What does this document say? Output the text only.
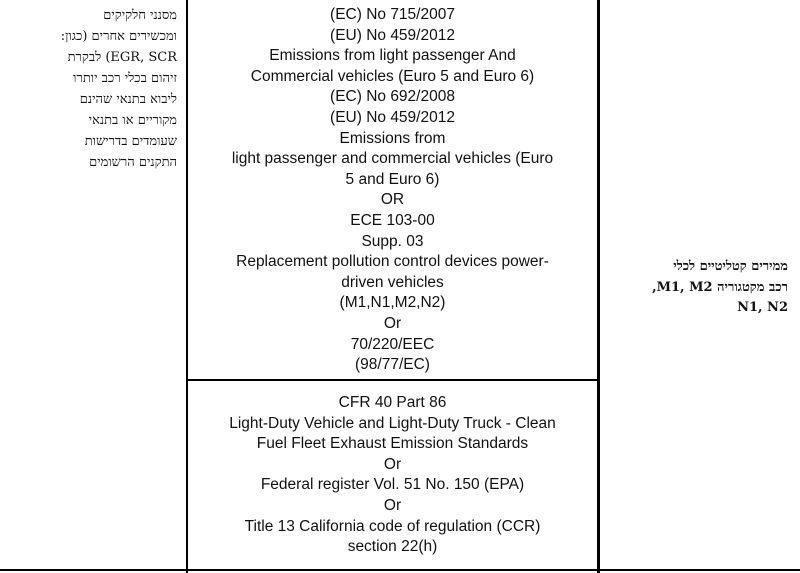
מסנני חלקיקים
ומכשירים אחרים (כגון:
EGR, SCR) לבקרת
זיהום בכלי רכב יותרו
ליבוא בתנאי שהינם
מקוריים או בתנאי
שעומדים בדרישות
התקנים הרשומים
(EC) No 715/2007
(EU) No 459/2012
Emissions from light passenger And
Commercial vehicles (Euro 5 and Euro 6)
(EC) No 692/2008
(EU) No 459/2012
Emissions from
light passenger and commercial vehicles (Euro
5 and Euro 6)
OR
ECE 103-00
Supp. 03
Replacement pollution control devices power-
driven vehicles
(M1,N1,M2,N2)
Or
70/220/EEC
(98/77/EC)
CFR 40 Part 86
Light-Duty Vehicle and Light-Duty Truck - Clean
Fuel Fleet Exhaust Emission Standards
Or
Federal register Vol. 51 No. 150 (EPA)
Or
Title 13 California code of regulation (CCR)
section 22(h)
ממירים קטליטיים לכלי
רכב מקטגוריה M1, M2,
N1, N2
